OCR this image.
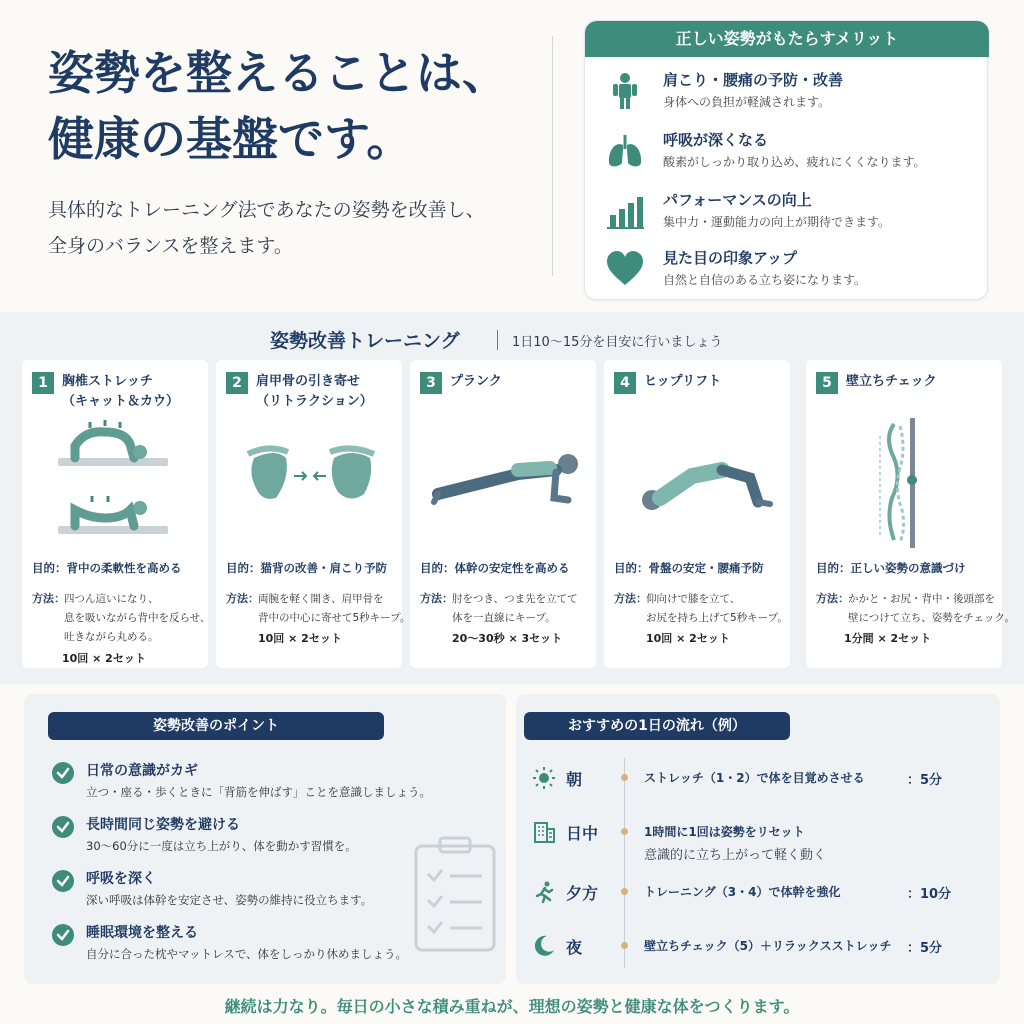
姿勢を整えることは、
健康の基盤です。
具体的なトレーニング法であなたの姿勢を改善し、
全身のバランスを整えます。
正しい姿勢がもたらすメリット
肩こり・腰痛の予防・改善
身体への負担が軽減されます。
呼吸が深くなる
酸素がしっかり取り込め、疲れにくくなります。
パフォーマンスの向上
集中力・運動能力の向上が期待できます。
見た目の印象アップ
自然と自信のある立ち姿になります。
姿勢改善トレーニング	1日10〜15分を目安に行いましょう
1	胸椎ストレッチ
（キャット＆カウ）
目的：背中の柔軟性を高める
方法： 四つん這いになり、
息を吸いながら背中を反らせ、
吐きながら丸める。
10回 × 2セット
2	肩甲骨の引き寄せ
（リトラクション）
目的：猫背の改善・肩こり予防
方法： 両腕を軽く開き、肩甲骨を
背中の中心に寄せて5秒キープ。
10回 × 2セット
3	プランク
目的：体幹の安定性を高める
方法： 肘をつき、つま先を立てて
体を一直線にキープ。
20〜30秒 × 3セット
4	ヒップリフト
目的：骨盤の安定・腰痛予防
方法： 仰向けで膝を立て、
お尻を持ち上げて5秒キープ。
10回 × 2セット
5	壁立ちチェック
目的：正しい姿勢の意識づけ
方法： かかと・お尻・背中・後頭部を
壁につけて立ち、姿勢をチェック。
1分間 × 2セット
姿勢改善のポイント
日常の意識がカギ
立つ・座る・歩くときに「背筋を伸ばす」ことを意識しましょう。
長時間同じ姿勢を避ける
30〜60分に一度は立ち上がり、体を動かす習慣を。
呼吸を深く
深い呼吸は体幹を安定させ、姿勢の維持に役立ちます。
睡眠環境を整える
自分に合った枕やマットレスで、体をしっかり休めましょう。
おすすめの1日の流れ（例）
朝	ストレッチ（1・2）で体を目覚めさせる	：5分
日中	1時間に1回は姿勢をリセット
意識的に立ち上がって軽く動く
夕方	トレーニング（3・4）で体幹を強化	：10分
夜	壁立ちチェック（5）＋リラックスストレッチ ：5分
継続は力なり。毎日の小さな積み重ねが、理想の姿勢と健康な体をつくります。
